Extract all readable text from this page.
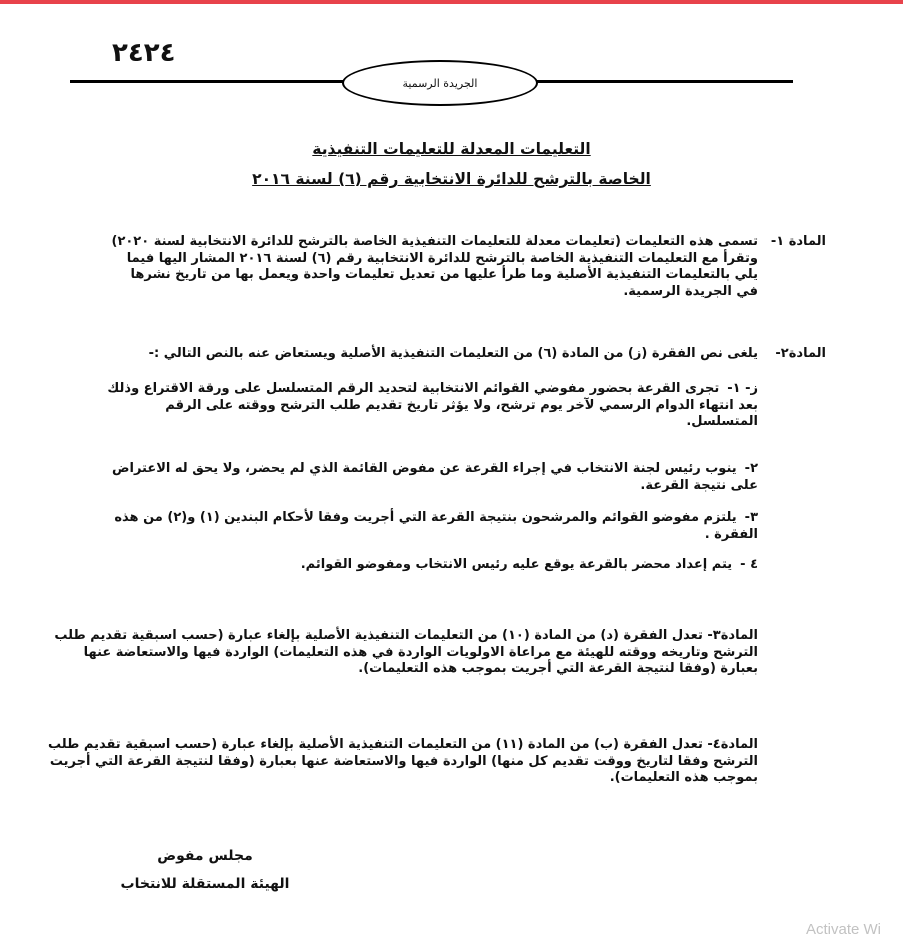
٢٤٢٤
الجريدة الرسمية
التعليمات المعدلة للتعليمات التنفيذية
الخاصة بالترشح للدائرة الانتخابية رقم (٦) لسنة ٢٠١٦
المادة ١-
تسمى هذه التعليمات (تعليمات معدلة للتعليمات التنفيذية الخاصة بالترشح للدائرة الانتخابية لسنة ٢٠٢٠) وتقرأ مع التعليمات التنفيذية الخاصة بالترشح للدائرة الانتخابية رقم (٦) لسنة ٢٠١٦ المشار اليها فيما يلي بالتعليمات التنفيذية الأصلية وما طرأ عليها من تعديل تعليمات واحدة ويعمل بها من تاريخ نشرها في الجريدة الرسمية.
المادة٢-
يلغى نص الفقرة (ز) من المادة (٦) من التعليمات التنفيذية الأصلية ويستعاض عنه بالنص التالي :-
ز- ١-تجرى القرعة بحضور مفوضي القوائم الانتخابية لتحديد الرقم المتسلسل على ورقة الاقتراع وذلك بعد انتهاء الدوام الرسمي لآخر يوم ترشح، ولا يؤثر تاريخ تقديم طلب الترشح ووقته على الرقم المتسلسل.
٢-ينوب رئيس لجنة الانتخاب في إجراء القرعة عن مفوض القائمة الذي لم يحضر، ولا يحق له الاعتراض على نتيجة القرعة.
٣-يلتزم مفوضو القوائم والمرشحون بنتيجة القرعة التي أجريت وفقا لأحكام البندين (١) و(٢) من هذه الفقرة .
٤ -يتم إعداد محضر بالقرعة يوقع عليه رئيس الانتخاب ومفوضو القوائم.
المادة٣- تعدل الفقرة (د) من المادة (١٠) من التعليمات التنفيذية الأصلية بإلغاء عبارة (حسب اسبقية تقديم طلب الترشح وتاريخه ووقته للهيئة مع مراعاة الاولويات الواردة في هذه التعليمات) الواردة فيها والاستعاضة عنها بعبارة (وفقا لنتيجة القرعة التي أجريت بموجب هذه التعليمات).
المادة٤- تعدل الفقرة (ب) من المادة (١١) من التعليمات التنفيذية الأصلية بإلغاء عبارة (حسب اسبقية تقديم طلب الترشح وفقا لتاريخ ووقت تقديم كل منها) الواردة فيها والاستعاضة عنها بعبارة (وفقا لنتيجة القرعة التي أجريت بموجب هذه التعليمات).
مجلس مفوض
الهيئة المستقلة للانتخاب
Activate Wi
